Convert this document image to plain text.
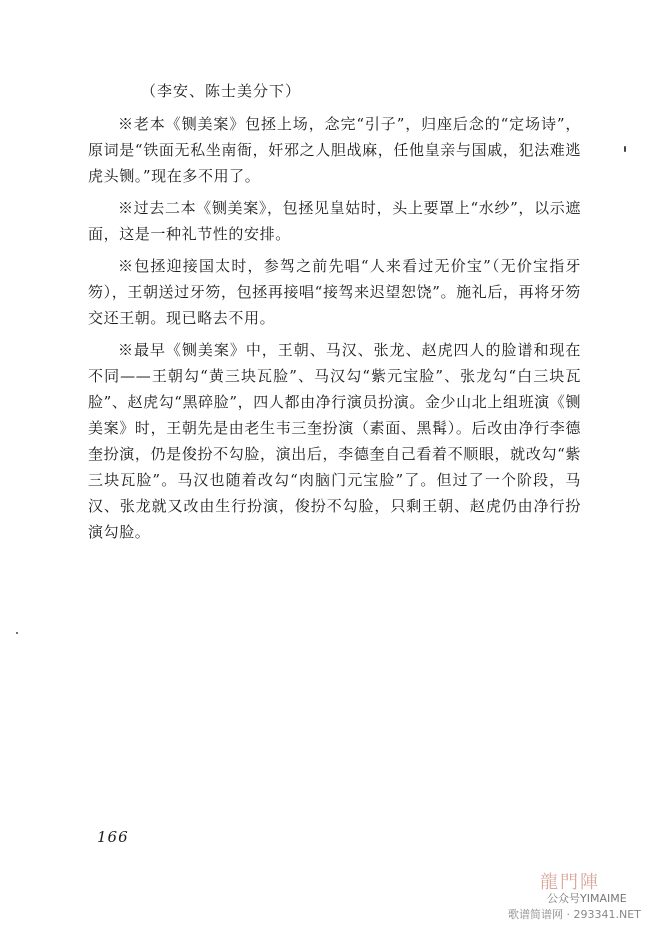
（李安、陈士美分下）

※老本《铡美案》包拯上场，念完“引子”，归座后念的“定场诗”，原词是“铁面无私坐南衙，奸邪之人胆战麻，任他皇亲与国戚，犯法难逃虎头铡。”现在多不用了。

※过去二本《铡美案》，包拯见皇姑时，头上要罩上“水纱”，以示遮面，这是一种礼节性的安排。

※包拯迎接国太时，参驾之前先唱“人来看过无价宝”（无价宝指牙笏），王朝送过牙笏，包拯再接唱“接驾来迟望恕饶”。施礼后，再将牙笏交还王朝。现已略去不用。

※最早《铡美案》中，王朝、马汉、张龙、赵虎四人的脸谱和现在不同——王朝勾“黄三块瓦脸”、马汉勾“紫元宝脸”、张龙勾“白三块瓦脸”、赵虎勾“黑碎脸”，四人都由净行演员扮演。金少山北上组班演《铡美案》时，王朝先是由老生韦三奎扮演（素面、黑髯）。后改由净行李德奎扮演，仍是俊扮不勾脸，演出后，李德奎自己看着不顺眼，就改勾“紫三块瓦脸”。马汉也随着改勾“肉脑门元宝脸”了。但过了一个阶段，马汉、张龙就又改由生行扮演，俊扮不勾脸，只剩王朝、赵虎仍由净行扮演勾脸。

166
龍門陣
公众号YIMAIME
歌谱简谱网 · 293341.NET
